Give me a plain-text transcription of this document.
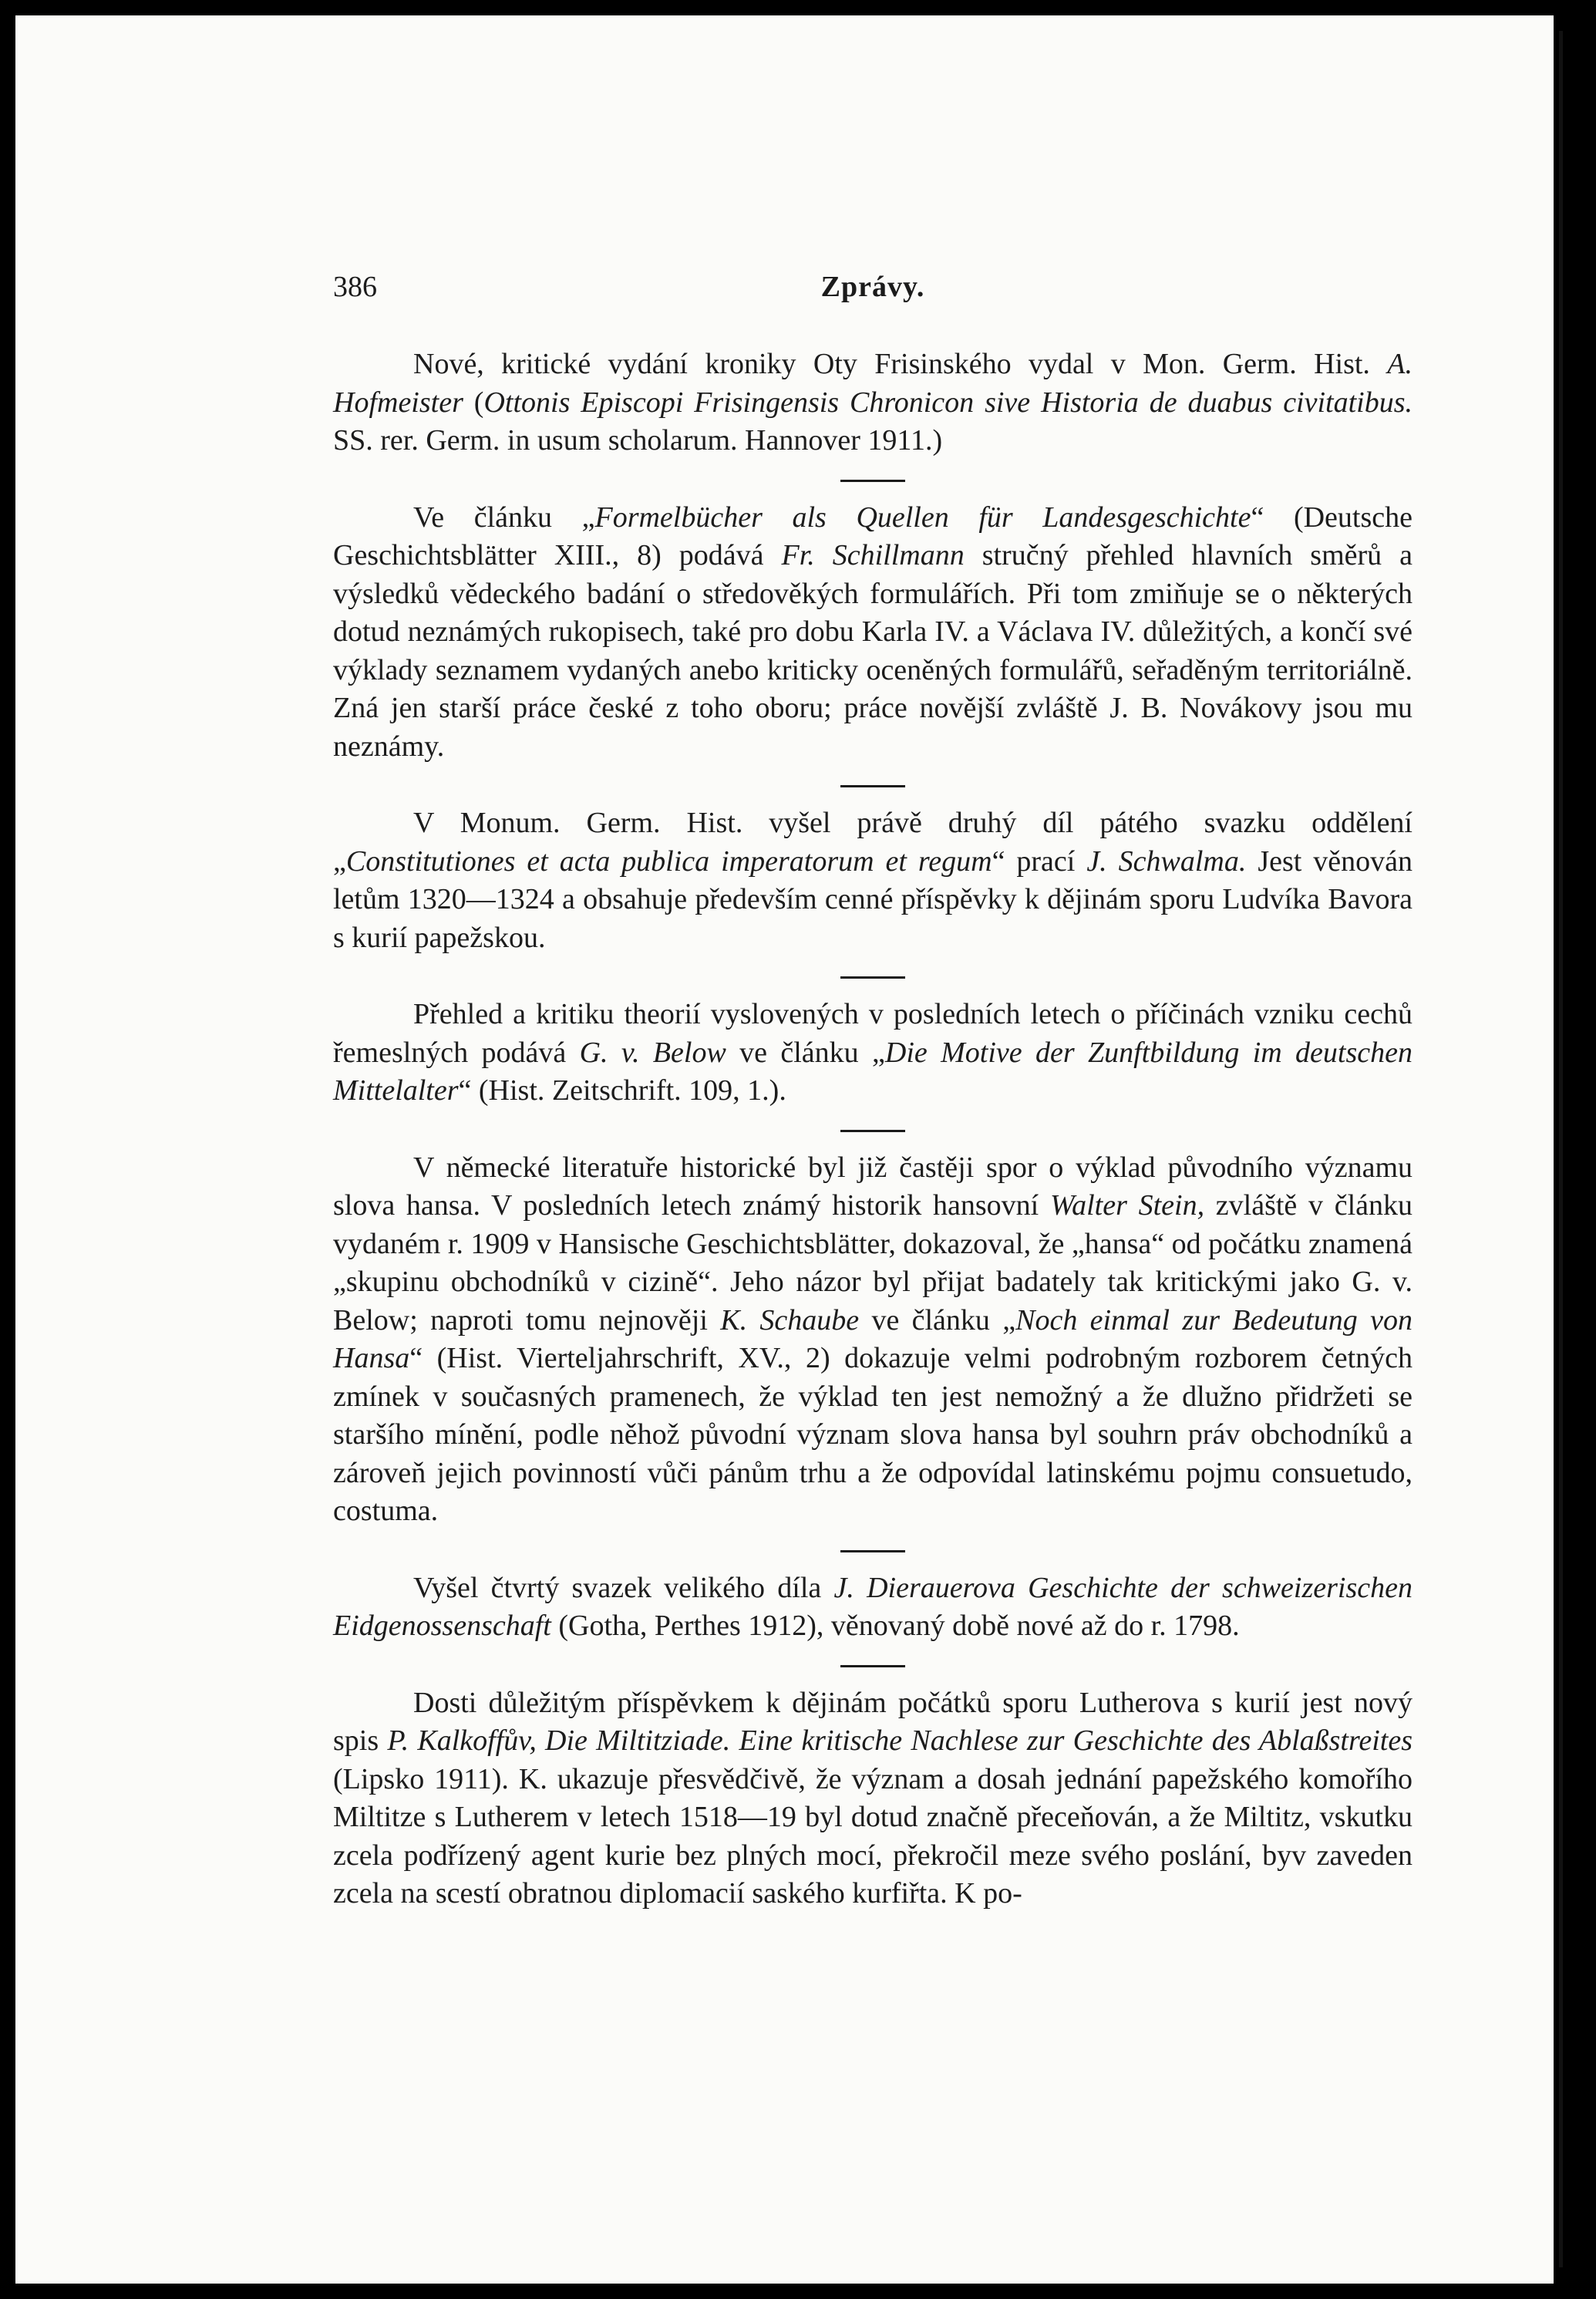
386	Zprávy.

Nové, kritické vydání kroniky Oty Frisinského vydal v Mon. Germ. Hist. A. Hofmeister (Ottonis Episcopi Frisingensis Chronicon sive Historia de duabus civitatibus. SS. rer. Germ. in usum scholarum. Hannover 1911.)

Ve článku „Formelbücher als Quellen für Landesgeschichte“ (Deutsche Geschichtsblätter XIII., 8) podává Fr. Schillmann stručný přehled hlavních směrů a výsledků vědeckého badání o středověkých formulářích. Při tom zmiňuje se o některých dotud neznámých rukopisech, také pro dobu Karla IV. a Václava IV. důležitých, a končí své výklady seznamem vydaných anebo kriticky oceněných formulářů, seřaděným territoriálně. Zná jen starší práce české z toho oboru; práce novější zvláště J. B. Novákovy jsou mu neznámy.

V Monum. Germ. Hist. vyšel právě druhý díl pátého svazku oddělení „Constitutiones et acta publica imperatorum et regum“ prací J. Schwalma. Jest věnován letům 1320—1324 a obsahuje především cenné příspěvky k dějinám sporu Ludvíka Bavora s kurií papežskou.

Přehled a kritiku theorií vyslovených v posledních letech o příčinách vzniku cechů řemeslných podává G. v. Below ve článku „Die Motive der Zunftbildung im deutschen Mittelalter“ (Hist. Zeitschrift. 109, 1.).

V německé literatuře historické byl již častěji spor o výklad původního významu slova hansa. V posledních letech známý historik hansovní Walter Stein, zvláště v článku vydaném r. 1909 v Hansische Geschichtsblätter, dokazoval, že „hansa“ od počátku znamená „skupinu obchodníků v cizině“. Jeho názor byl přijat badately tak kritickými jako G. v. Below; naproti tomu nejnověji K. Schaube ve článku „Noch einmal zur Bedeutung von Hansa“ (Hist. Vierteljahrschrift, XV., 2) dokazuje velmi podrobným rozborem četných zmínek v současných pramenech, že výklad ten jest nemožný a že dlužno přidržeti se staršího mínění, podle něhož původní význam slova hansa byl souhrn práv obchodníků a zároveň jejich povinností vůči pánům trhu a že odpovídal latinskému pojmu consuetudo, costuma.

Vyšel čtvrtý svazek velikého díla J. Dierauerova Geschichte der schweizerischen Eidgenossenschaft (Gotha, Perthes 1912), věnovaný době nové až do r. 1798.

Dosti důležitým příspěvkem k dějinám počátků sporu Lutherova s kurií jest nový spis P. Kalkoffův, Die Miltitziade. Eine kritische Nachlese zur Geschichte des Ablaßstreites (Lipsko 1911). K. ukazuje přesvědčivě, že význam a dosah jednání papežského komořího Miltitze s Lutherem v letech 1518—19 byl dotud značně přeceňován, a že Miltitz, vskutku zcela podřízený agent kurie bez plných mocí, překročil meze svého poslání, byv zaveden zcela na scestí obratnou diplomacií saského kurfiřta. K po-
